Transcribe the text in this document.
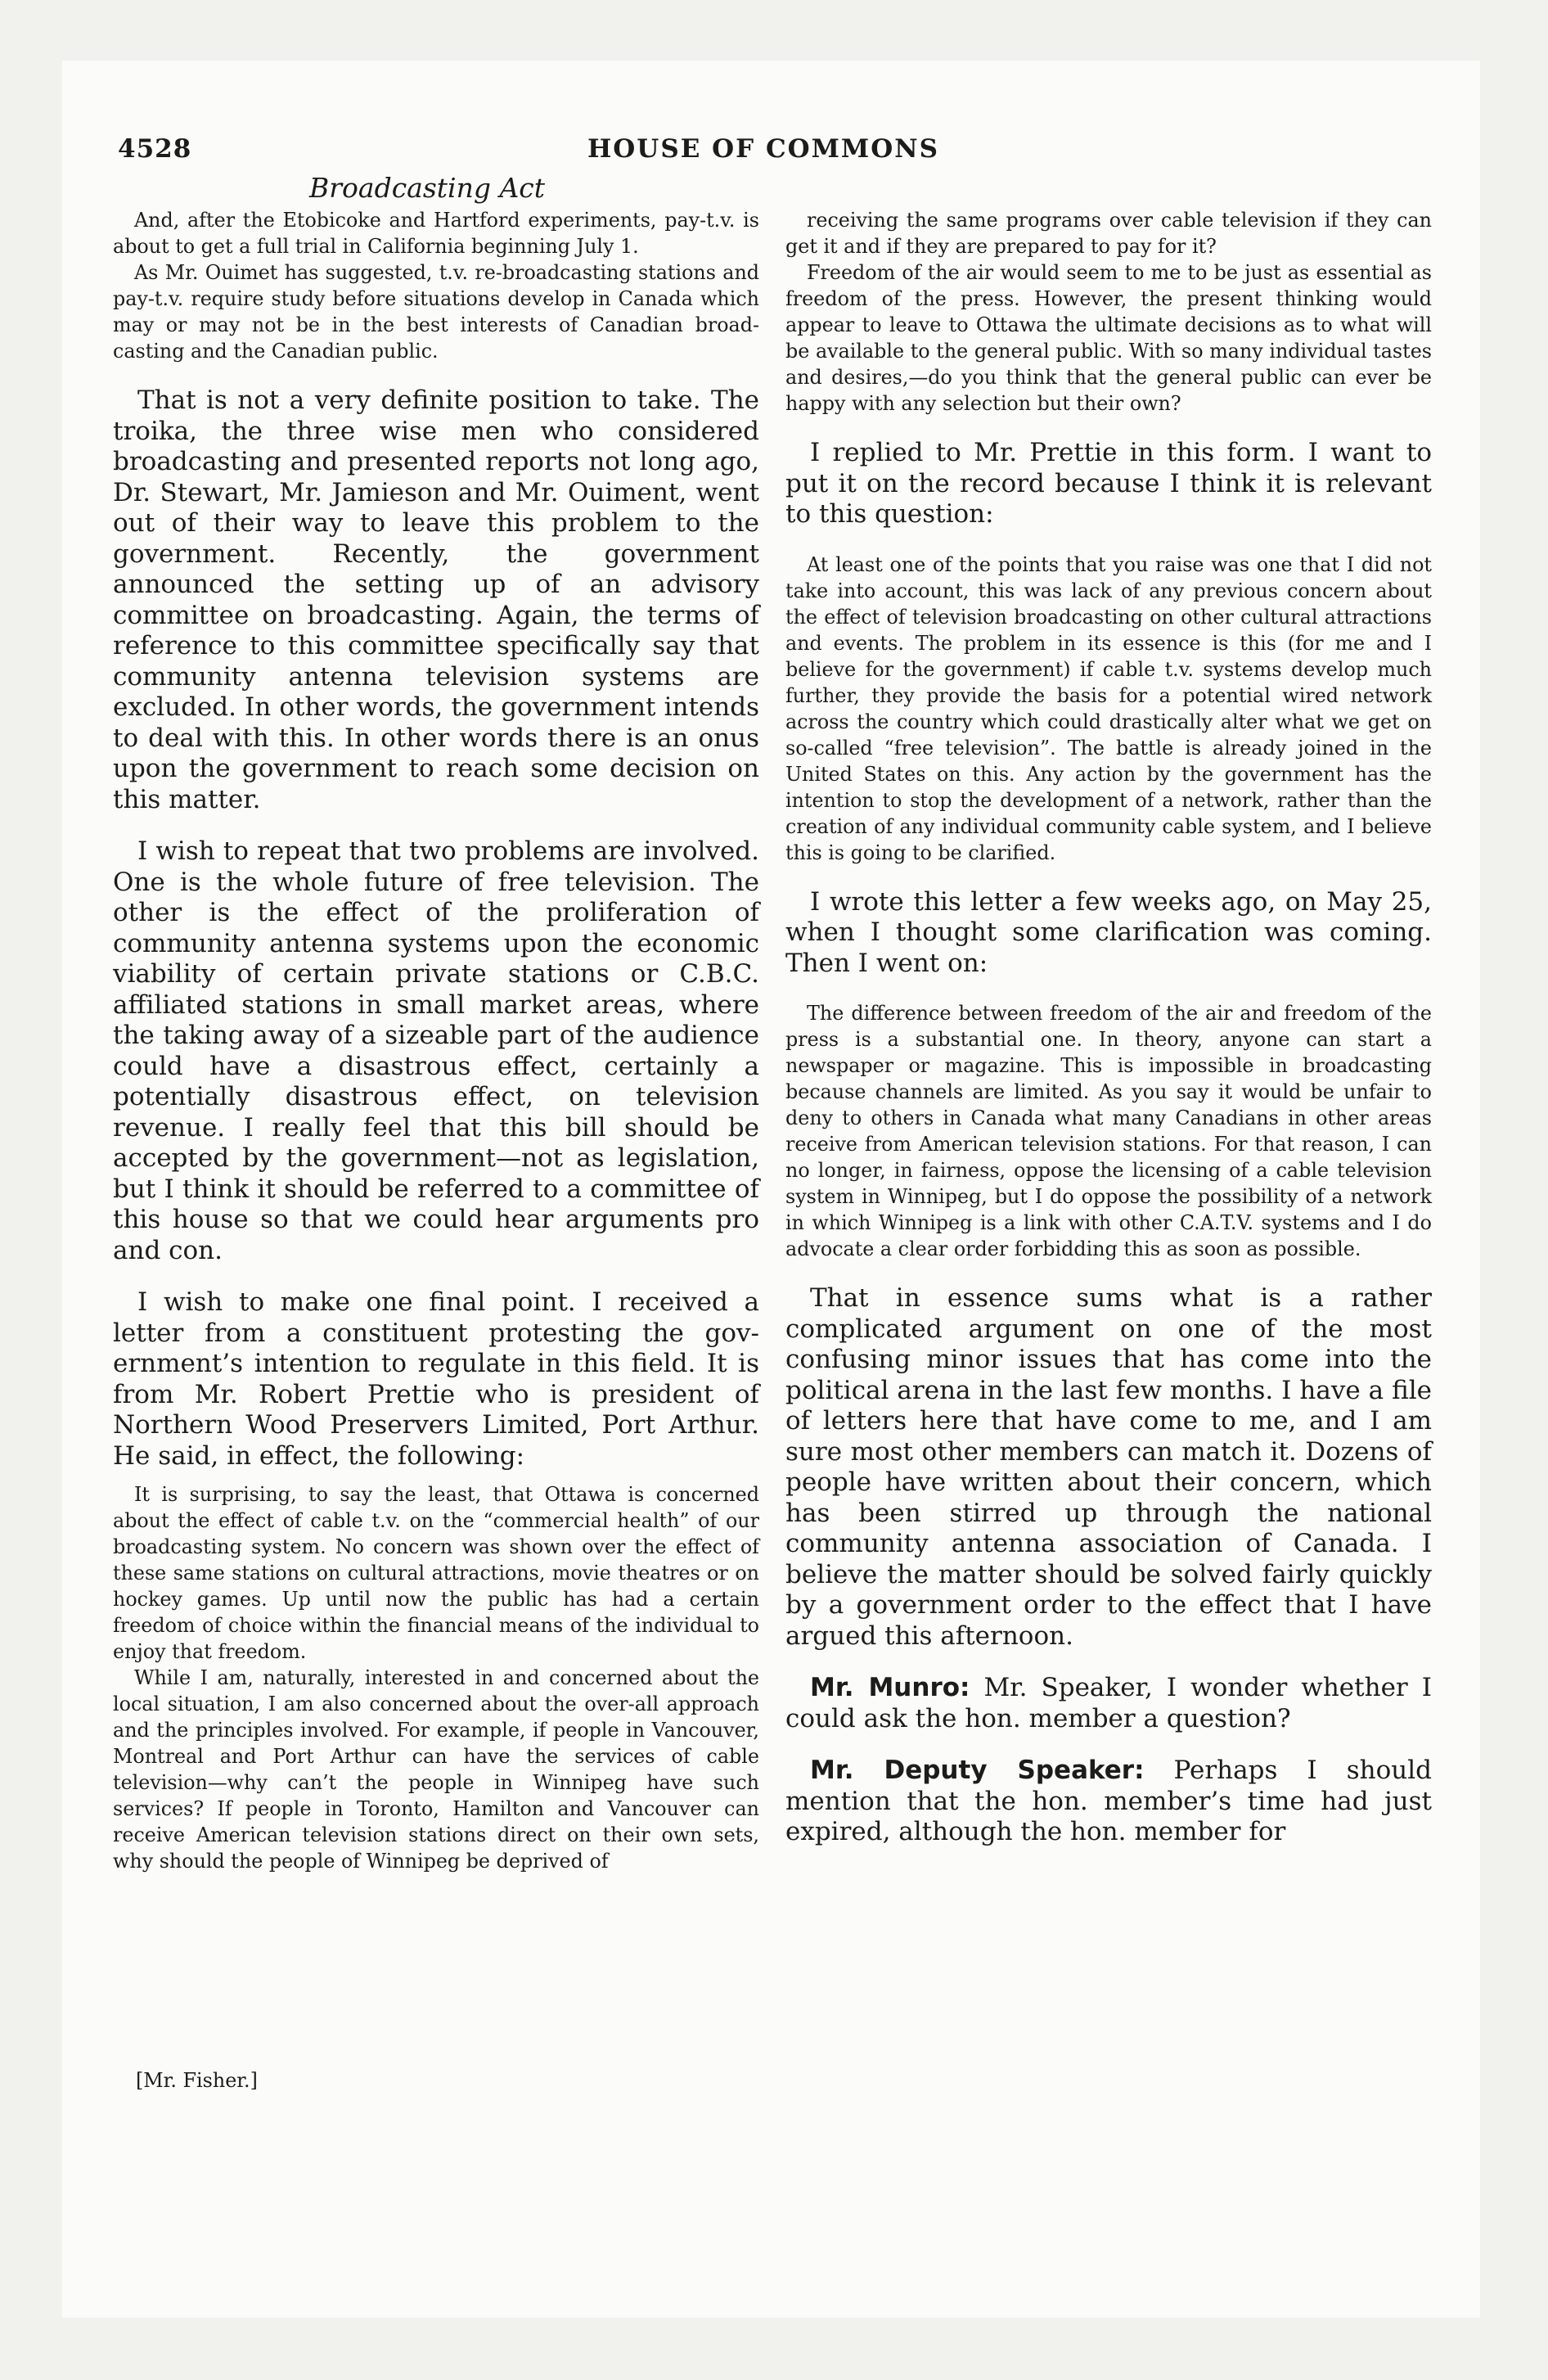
4528	HOUSE OF COMMONS
Broadcasting Act

And, after the Etobicoke and Hartford experiments, pay-t.v. is about to get a full trial in California beginning July 1.

As Mr. Ouimet has suggested, t.v. re-broadcasting stations and pay-t.v. require study before situations develop in Canada which may or may not be in the best interests of Canadian broadcasting and the Canadian public.

That is not a very definite position to take. The troika, the three wise men who considered broadcasting and presented reports not long ago, Dr. Stewart, Mr. Jamieson and Mr. Ouiment, went out of their way to leave this problem to the government. Recently, the government announced the setting up of an advisory committee on broadcasting. Again, the terms of reference to this committee specifically say that community antenna television systems are excluded. In other words, the government intends to deal with this. In other words there is an onus upon the government to reach some decision on this matter.

I wish to repeat that two problems are involved. One is the whole future of free television. The other is the effect of the proliferation of community antenna systems upon the economic viability of certain private stations or C.B.C. affiliated stations in small market areas, where the taking away of a sizeable part of the audience could have a disastrous effect, certainly a potentially disastrous effect, on television revenue. I really feel that this bill should be accepted by the government—not as legislation, but I think it should be referred to a committee of this house so that we could hear arguments pro and con.

I wish to make one final point. I received a letter from a constituent protesting the government’s intention to regulate in this field. It is from Mr. Robert Prettie who is president of Northern Wood Preservers Limited, Port Arthur. He said, in effect, the following:

It is surprising, to say the least, that Ottawa is concerned about the effect of cable t.v. on the “commercial health” of our broadcasting system. No concern was shown over the effect of these same stations on cultural attractions, movie theatres or on hockey games. Up until now the public has had a certain freedom of choice within the financial means of the individual to enjoy that freedom.

While I am, naturally, interested in and concerned about the local situation, I am also concerned about the over-all approach and the principles involved. For example, if people in Vancouver, Montreal and Port Arthur can have the services of cable television—why can’t the people in Winnipeg have such services? If people in Toronto, Hamilton and Vancouver can receive American television stations direct on their own sets, why should the people of Winnipeg be deprived of

[Mr. Fisher.]

receiving the same programs over cable television if they can get it and if they are prepared to pay for it?

Freedom of the air would seem to me to be just as essential as freedom of the press. However, the present thinking would appear to leave to Ottawa the ultimate decisions as to what will be available to the general public. With so many individual tastes and desires,—do you think that the general public can ever be happy with any selection but their own?

I replied to Mr. Prettie in this form. I want to put it on the record because I think it is relevant to this question:

At least one of the points that you raise was one that I did not take into account, this was lack of any previous concern about the effect of television broadcasting on other cultural attractions and events. The problem in its essence is this (for me and I believe for the government) if cable t.v. systems develop much further, they provide the basis for a potential wired network across the country which could drastically alter what we get on so-called “free television”. The battle is already joined in the United States on this. Any action by the government has the intention to stop the development of a network, rather than the creation of any individual community cable system, and I believe this is going to be clarified.

I wrote this letter a few weeks ago, on May 25, when I thought some clarification was coming. Then I went on:

The difference between freedom of the air and freedom of the press is a substantial one. In theory, anyone can start a newspaper or magazine. This is impossible in broadcasting because channels are limited. As you say it would be unfair to deny to others in Canada what many Canadians in other areas receive from American television stations. For that reason, I can no longer, in fairness, oppose the licensing of a cable television system in Winnipeg, but I do oppose the possibility of a network in which Winnipeg is a link with other C.A.T.V. systems and I do advocate a clear order forbidding this as soon as possible.

That in essence sums what is a rather complicated argument on one of the most confusing minor issues that has come into the political arena in the last few months. I have a file of letters here that have come to me, and I am sure most other members can match it. Dozens of people have written about their concern, which has been stirred up through the national community antenna association of Canada. I believe the matter should be solved fairly quickly by a government order to the effect that I have argued this afternoon.

Mr. Munro: Mr. Speaker, I wonder whether I could ask the hon. member a question?

Mr. Deputy Speaker: Perhaps I should mention that the hon. member’s time had just expired, although the hon. member for
